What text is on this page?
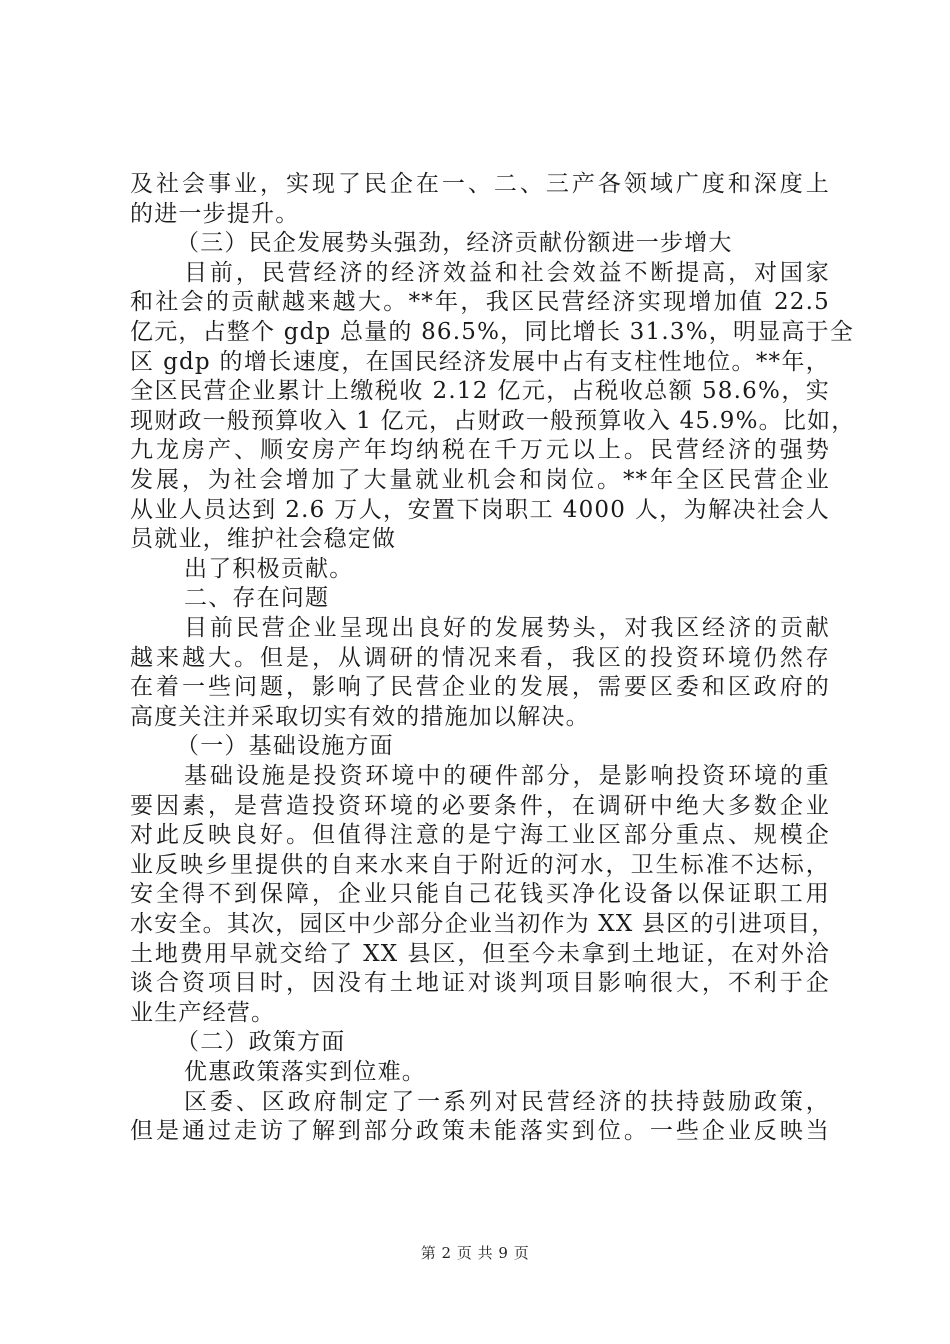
及社会事业，实现了民企在一、二、三产各领域广度和深度上
的进一步提升。
（三）民企发展势头强劲，经济贡献份额进一步增大
目前，民营经济的经济效益和社会效益不断提高，对国家
和社会的贡献越来越大。**年，我区民营经济实现增加值 22.5
亿元，占整个 gdp 总量的 86.5%，同比增长 31.3%，明显高于全
区 gdp 的增长速度，在国民经济发展中占有支柱性地位。**年，
全区民营企业累计上缴税收 2.12 亿元，占税收总额 58.6%，实
现财政一般预算收入 1 亿元，占财政一般预算收入 45.9%。比如，
九龙房产、顺安房产年均纳税在千万元以上。民营经济的强势
发展，为社会增加了大量就业机会和岗位。**年全区民营企业
从业人员达到 2.6 万人，安置下岗职工 4000 人，为解决社会人
员就业，维护社会稳定做
出了积极贡献。
二、存在问题
目前民营企业呈现出良好的发展势头，对我区经济的贡献
越来越大。但是，从调研的情况来看，我区的投资环境仍然存
在着一些问题，影响了民营企业的发展，需要区委和区政府的
高度关注并采取切实有效的措施加以解决。
（一）基础设施方面
基础设施是投资环境中的硬件部分，是影响投资环境的重
要因素，是营造投资环境的必要条件，在调研中绝大多数企业
对此反映良好。但值得注意的是宁海工业区部分重点、规模企
业反映乡里提供的自来水来自于附近的河水，卫生标准不达标，
安全得不到保障，企业只能自己花钱买净化设备以保证职工用
水安全。其次，园区中少部分企业当初作为 XX 县区的引进项目，
土地费用早就交给了 XX 县区，但至今未拿到土地证，在对外洽
谈合资项目时，因没有土地证对谈判项目影响很大，不利于企
业生产经营。
（二）政策方面
优惠政策落实到位难。
区委、区政府制定了一系列对民营经济的扶持鼓励政策，
但是通过走访了解到部分政策未能落实到位。一些企业反映当
第 2 页 共 9 页
